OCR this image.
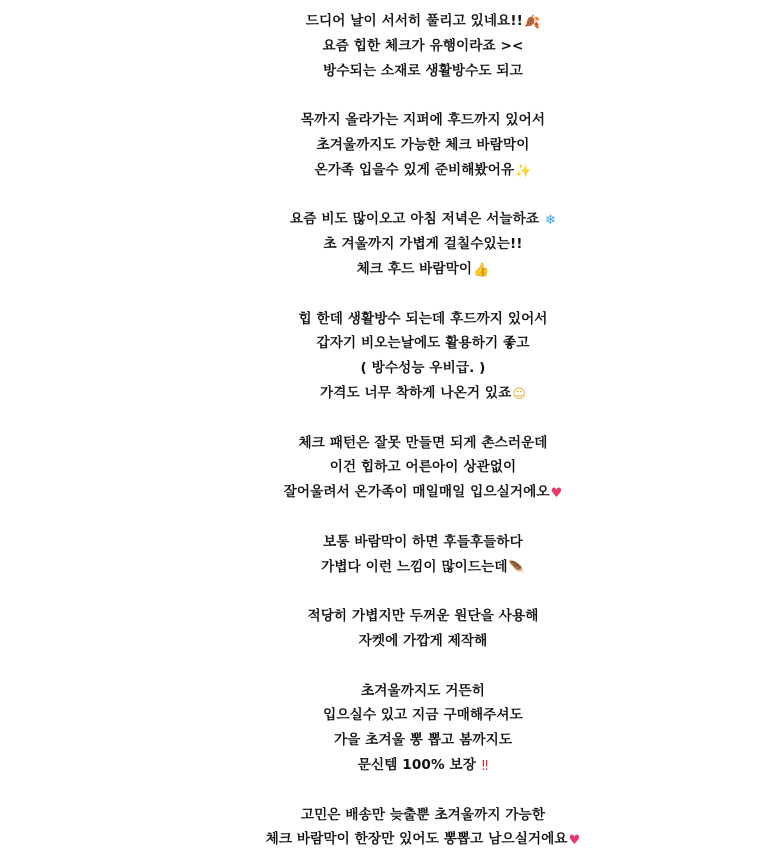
드디어 날이 서서히 풀리고 있네요!!🍂
요즘 힙한 체크가 유행이라죠 ><
방수되는 소재로 생활방수도 되고
목까지 올라가는 지퍼에 후드까지 있어서
초겨울까지도 가능한 체크 바람막이
온가족 입을수 있게 준비해봤어유✨
요즘 비도 많이오고 아침 저녁은 서늘하죠 ❄
초 겨울까지 가볍게 걸칠수있는!!
체크 후드 바람막이👍
힙 한데 생활방수 되는데 후드까지 있어서
갑자기 비오는날에도 활용하기 좋고
( 방수성능 우비급. )
가격도 너무 착하게 나온거 있죠☺
체크 패턴은 잘못 만들면 되게 촌스러운데
이건 힙하고 어른아이 상관없이
잘어울려서 온가족이 매일매일 입으실거에오♥
보통 바람막이 하면 후들후들하다
가볍다 이런 느낌이 많이드는데🪶
적당히 가볍지만 두꺼운 원단을 사용해
자켓에 가깝게 제작해
초겨울까지도 거뜬히
입으실수 있고 지금 구매해주셔도
가을 초겨울 뽕 뽑고 봄까지도
문신템 100% 보장 ‼
고민은 배송만 늦출뿐 초겨울까지 가능한
체크 바람막이 한장만 있어도 뽕뽑고 남으실거에요♥
